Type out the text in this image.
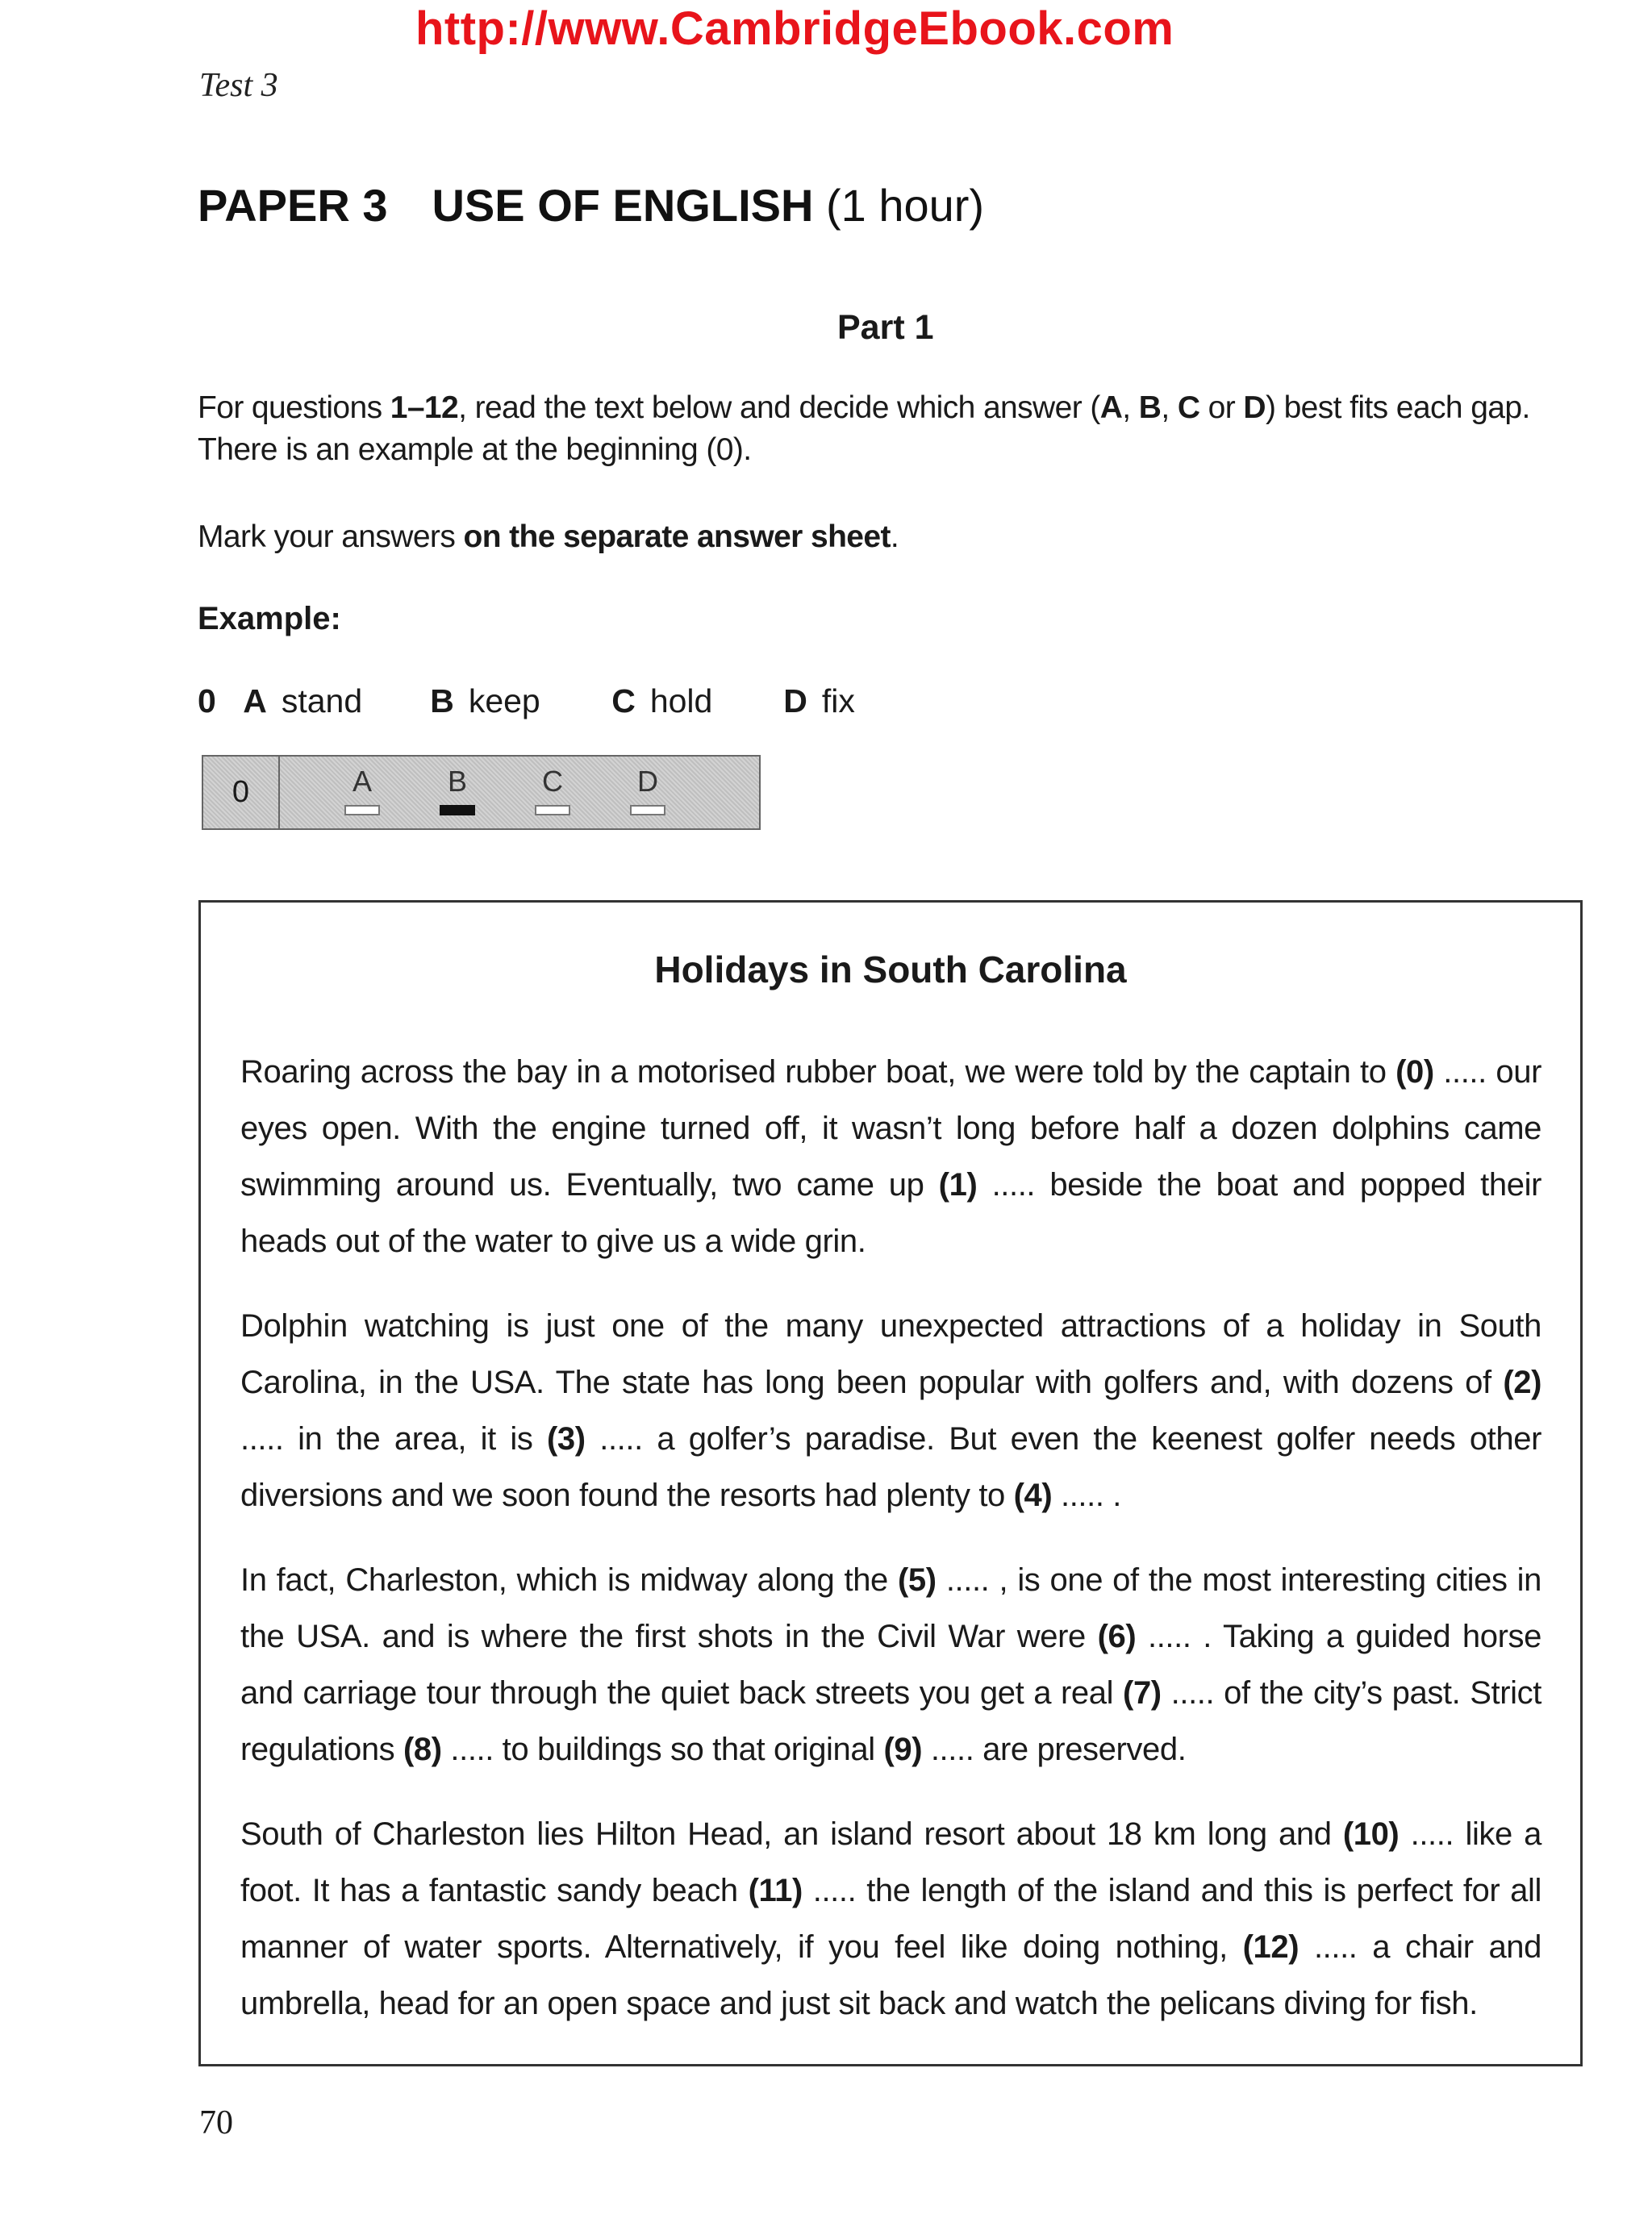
http://www.CambridgeEbook.com
Test 3
PAPER 3 USE OF ENGLISH (1 hour)
Part 1
For questions 1–12, read the text below and decide which answer (A, B, C or D) best fits each gap.
There is an example at the beginning (0).
Mark your answers on the separate answer sheet.
Example:
0 A stand B keep C hold D fix
0	A	B	C	D
Holidays in South Carolina

Roaring across the bay in a motorised rubber boat, we were told by the captain to (0) ..... our eyes open. With the engine turned off, it wasn’t long before half a dozen dolphins came swimming around us. Eventually, two came up (1) ..... beside the boat and popped their heads out of the water to give us a wide grin.

Dolphin watching is just one of the many unexpected attractions of a holiday in South Carolina, in the USA. The state has long been popular with golfers and, with dozens of (2) ..... in the area, it is (3) ..... a golfer’s paradise. But even the keenest golfer needs other diversions and we soon found the resorts had plenty to (4) ..... .

In fact, Charleston, which is midway along the (5) ..... , is one of the most interesting cities in the USA. and is where the first shots in the Civil War were (6) ..... . Taking a guided horse and carriage tour through the quiet back streets you get a real (7) ..... of the city’s past. Strict regulations (8) ..... to buildings so that original (9) ..... are preserved.

South of Charleston lies Hilton Head, an island resort about 18 km long and (10) ..... like a foot. It has a fantastic sandy beach (11) ..... the length of the island and this is perfect for all manner of water sports. Alternatively, if you feel like doing nothing, (12) ..... a chair and umbrella, head for an open space and just sit back and watch the pelicans diving for fish.

70
